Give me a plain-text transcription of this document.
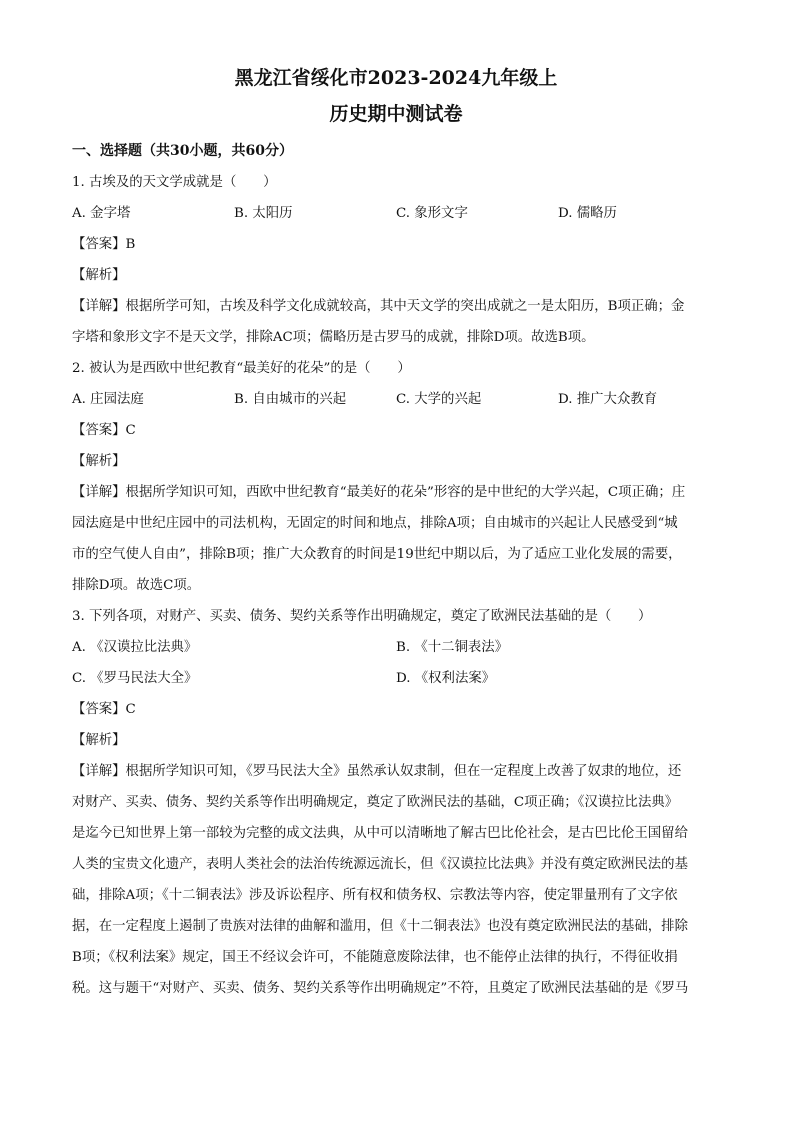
黑龙江省绥化市2023-2024九年级上

历史期中测试卷

一、选择题（共30小题，共60分）

1. 古埃及的天文学成就是（　　）

A. 金字塔	B. 太阳历	C. 象形文字	D. 儒略历

【答案】B

【解析】

【详解】根据所学可知，古埃及科学文化成就较高，其中天文学的突出成就之一是太阳历，B项正确；金
字塔和象形文字不是天文学，排除AC项；儒略历是古罗马的成就，排除D项。故选B项。

2. 被认为是西欧中世纪教育“最美好的花朵”的是（　　）

A. 庄园法庭	B. 自由城市的兴起	C. 大学的兴起	D. 推广大众教育

【答案】C

【解析】

【详解】根据所学知识可知，西欧中世纪教育“最美好的花朵”形容的是中世纪的大学兴起，C项正确；庄
园法庭是中世纪庄园中的司法机构，无固定的时间和地点，排除A项；自由城市的兴起让人民感受到“城
市的空气使人自由”，排除B项；推广大众教育的时间是19世纪中期以后，为了适应工业化发展的需要，
排除D项。故选C项。

3. 下列各项，对财产、买卖、债务、契约关系等作出明确规定，奠定了欧洲民法基础的是（　　）

A. 《汉谟拉比法典》	B. 《十二铜表法》
C. 《罗马民法大全》	D. 《权利法案》

【答案】C

【解析】

【详解】根据所学知识可知，《罗马民法大全》虽然承认奴隶制，但在一定程度上改善了奴隶的地位，还
对财产、买卖、债务、契约关系等作出明确规定，奠定了欧洲民法的基础，C项正确；《汉谟拉比法典》
是迄今已知世界上第一部较为完整的成文法典，从中可以清晰地了解古巴比伦社会，是古巴比伦王国留给
人类的宝贵文化遗产，表明人类社会的法治传统源远流长，但《汉谟拉比法典》并没有奠定欧洲民法的基
础，排除A项；《十二铜表法》涉及诉讼程序、所有权和债务权、宗教法等内容，使定罪量刑有了文字依
据，在一定程度上遏制了贵族对法律的曲解和滥用，但《十二铜表法》也没有奠定欧洲民法的基础，排除
B项；《权利法案》规定，国王不经议会许可，不能随意废除法律，也不能停止法律的执行，不得征收捐
税。这与题干“对财产、买卖、债务、契约关系等作出明确规定”不符，且奠定了欧洲民法基础的是《罗马
